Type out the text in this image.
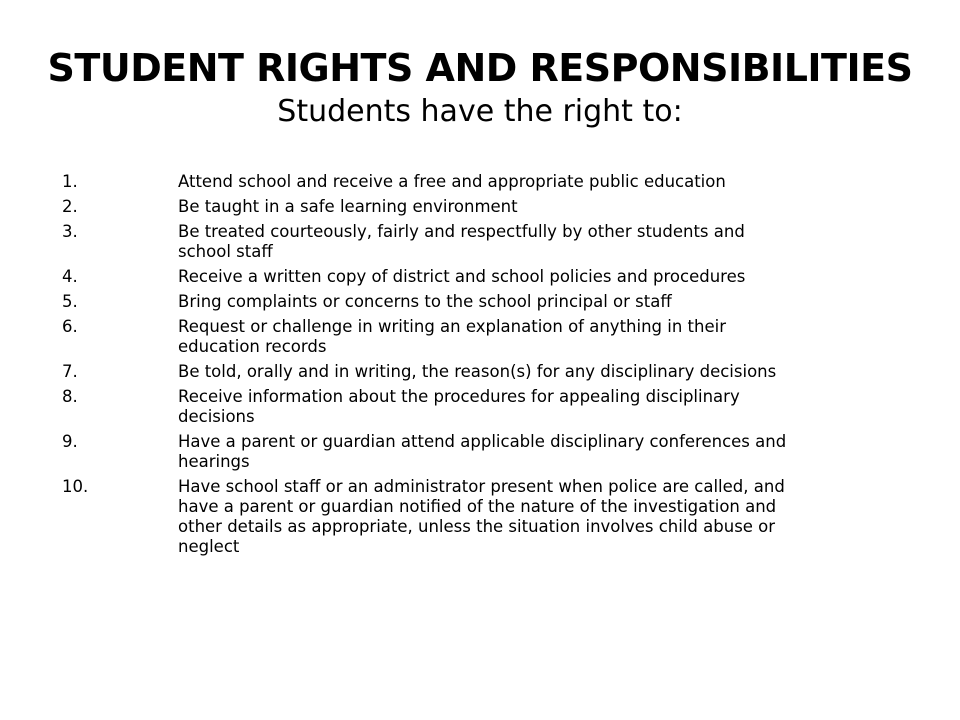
STUDENT RIGHTS AND RESPONSIBILITIES
Students have the right to:
1.	Attend school and receive a free and appropriate public education
2.	Be taught in a safe learning environment
3.	Be treated courteously, fairly and respectfully by other students and school staff
4.	Receive a written copy of district and school policies and procedures
5.	Bring complaints or concerns to the school principal or staff
6.	Request or challenge in writing an explanation of anything in their education records
7.	Be told, orally and in writing, the reason(s) for any disciplinary decisions
8.	Receive information about the procedures for appealing disciplinary decisions
9.	Have a parent or guardian attend applicable disciplinary conferences and hearings
10.	Have school staff or an administrator present when police are called, and have a parent or guardian notified of the nature of the investigation and other details as appropriate, unless the situation involves child abuse or neglect
